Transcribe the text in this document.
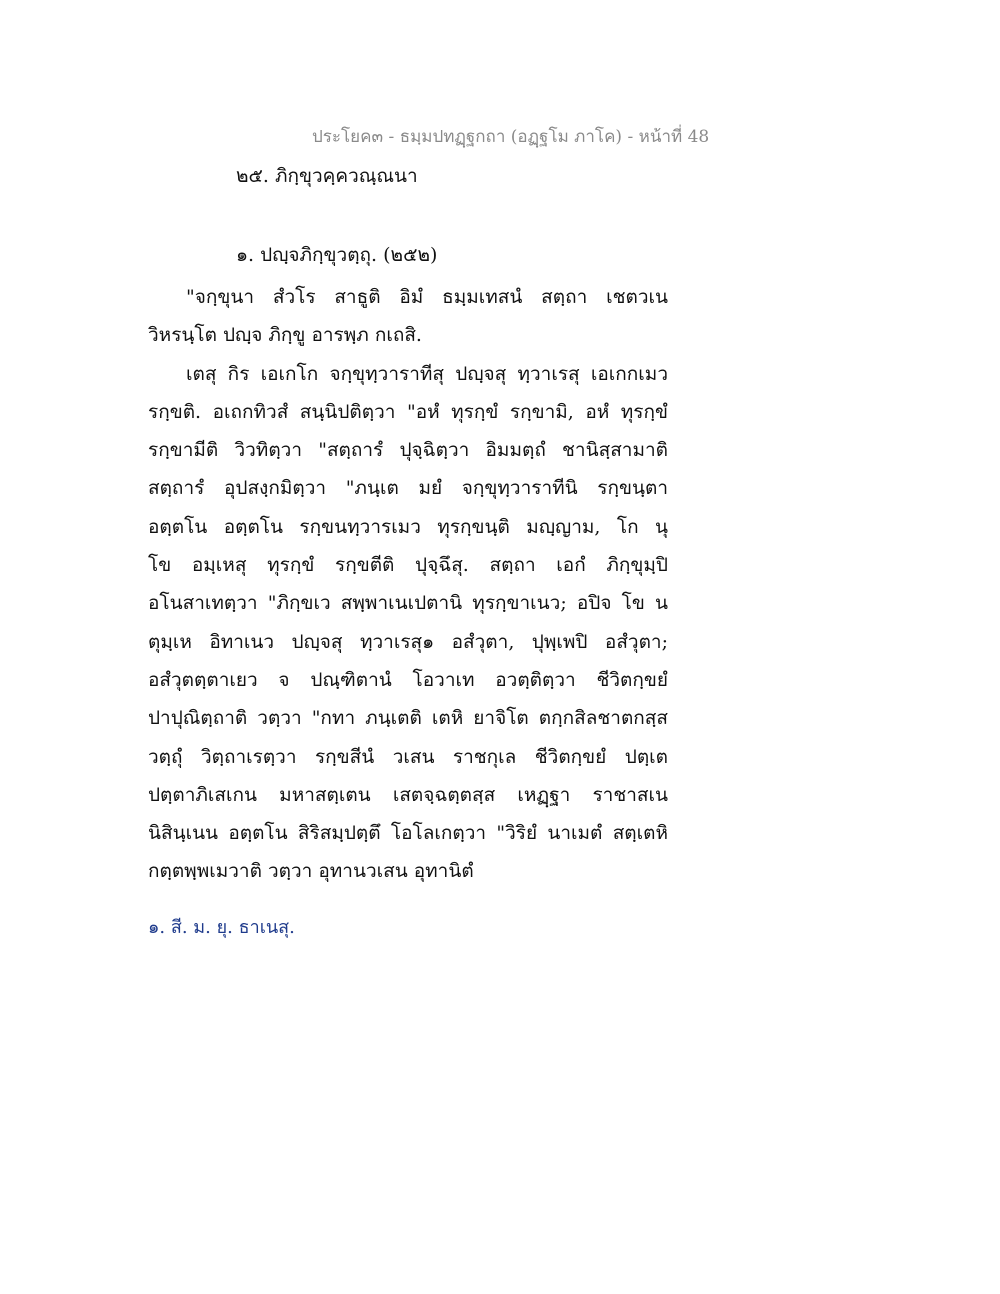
ประโยค๓ - ธมฺมปทฏฺฐกถา (อฏฺฐโม ภาโค) - หน้าที่ 48
๒๕. ภิกฺขุวคฺควณฺณนา
๑. ปญฺจภิกฺขุวตฺถุ. (๒๕๒)
"จกฺขุนา สํวโร สาธูติ อิมํ ธมฺมเทสนํ สตฺถา เชตวเน
วิหรนฺโต ปญฺจ ภิกฺขู อารพฺภ กเถสิ.
เตสุ กิร เอเกโก จกฺขุทฺวาราทีสุ ปญฺจสุ ทฺวาเรสุ เอเกกเมว
รกฺขติ. อเถกทิวสํ สนฺนิปติตฺวา "อหํ ทุรกฺขํ รกฺขามิ, อหํ ทุรกฺขํ
รกฺขามีติ วิวทิตฺวา "สตฺถารํ ปุจฺฉิตฺวา อิมมตฺถํ ชานิสฺสามาติ
สตฺถารํ อุปสงฺกมิตฺวา "ภนฺเต มยํ จกฺขุทฺวาราทีนิ รกฺขนฺตา
อตฺตโน อตฺตโน รกฺขนทฺวารเมว ทุรกฺขนฺติ มญฺญาม, โก นุ
โข อมฺเหสุ ทุรกฺขํ รกฺขตีติ ปุจฺฉึสุ. สตฺถา เอกํ ภิกฺขุมฺปิ
อโนสาเทตฺวา "ภิกฺขเว สพฺพาเนเปตานิ ทุรกฺขาเนว; อปิจ โข น
ตุมฺเห อิทาเนว ปญฺจสุ ทฺวาเรสุ๑ อสํวุตา, ปุพฺเพปิ อสํวุตา;
อสํวุตตฺตาเยว จ ปณฺฑิตานํ โอวาเท อวตฺติตฺวา ชีวิตกฺขยํ
ปาปุณิตฺถาติ วตฺวา "กทา ภนฺเตติ เตหิ ยาจิโต ตกฺกสิลชาตกสฺส
วตฺถุํ วิตฺถาเรตฺวา รกฺขสีนํ วเสน ราชกุเล ชีวิตกฺขยํ ปตฺเต
ปตฺตาภิเสเกน มหาสตฺเตน เสตจฺฉตฺตสฺส เหฏฺฐา ราชาสเน
นิสินฺเนน อตฺตโน สิริสมฺปตฺตึ โอโลเกตฺวา "วิริยํ นาเมตํ สตฺเตหิ
กตฺตพฺพเมวาติ วตฺวา อุทานวเสน อุทานิตํ
๑. สี. ม. ยุ. ธาเนสุ.
